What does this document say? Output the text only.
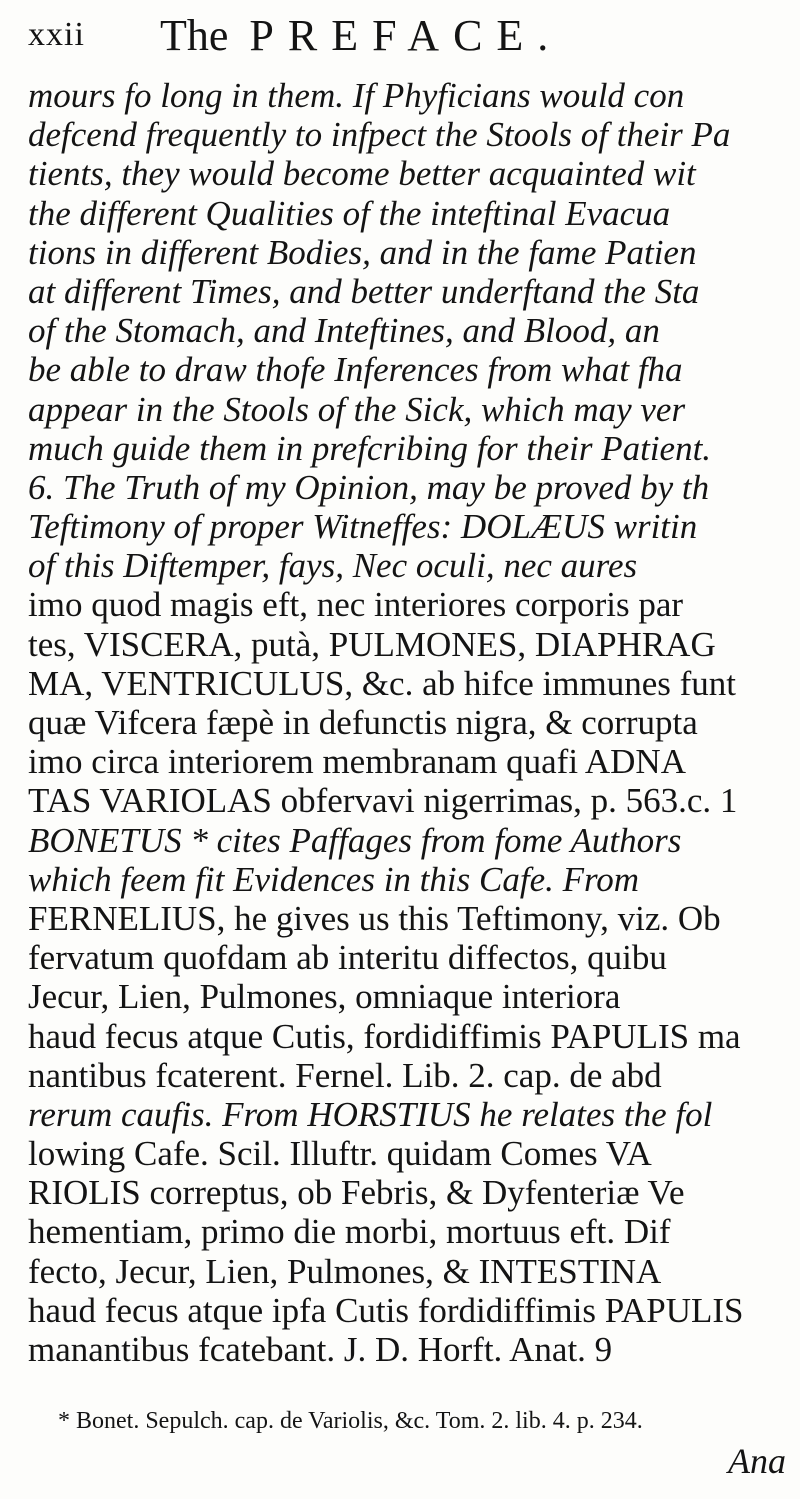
xxii The PREFACE.
mours fo long in them. If Phyficians would con
defcend frequently to infpect the Stools of their Pa
tients, they would become better acquainted wit
the different Qualities of the inteftinal Evacua
tions in different Bodies, and in the fame Patien
at different Times, and better underftand the Sta
of the Stomach, and Inteftines, and Blood, an
be able to draw thofe Inferences from what fha
appear in the Stools of the Sick, which may ver
much guide them in prefcribing for their Patient.
6. The Truth of my Opinion, may be proved by th
Teftimony of proper Witneffes: DOLÆUS writin
of this Diftemper, fays, Nec oculi, nec aures
imo quod magis eft, nec interiores corporis par
tes, VISCERA, putà, PULMONES, DIAPHRAG
MA, VENTRICULUS, &c. ab hifce immunes funt
quæ Vifcera fæpè in defunctis nigra, & corrupta
imo circa interiorem membranam quafi ADNA
TAS VARIOLAS obfervavi nigerrimas, p. 563.c. 1
BONETUS * cites Paffages from fome Authors
which feem fit Evidences in this Cafe. From
FERNELIUS, he gives us this Teftimony, viz. Ob
fervatum quofdam ab interitu diffectos, quibu
Jecur, Lien, Pulmones, omniaque interiora
haud fecus atque Cutis, fordidiffimis PAPULIS ma
nantibus fcaterent. Fernel. Lib. 2. cap. de abd
rerum caufis. From HORSTIUS he relates the fol
lowing Cafe. Scil. Illuftr. quidam Comes VA
RIOLIS correptus, ob Febris, & Dyfenteriæ Ve
hementiam, primo die morbi, mortuus eft. Dif
fecto, Jecur, Lien, Pulmones, & INTESTINA
haud fecus atque ipfa Cutis fordidiffimis PAPULIS
manantibus fcatebant. J. D. Horft. Anat. 9
* Bonet. Sepulch. cap. de Variolis, &c. Tom. 2. lib. 4. p. 234.
Ana
